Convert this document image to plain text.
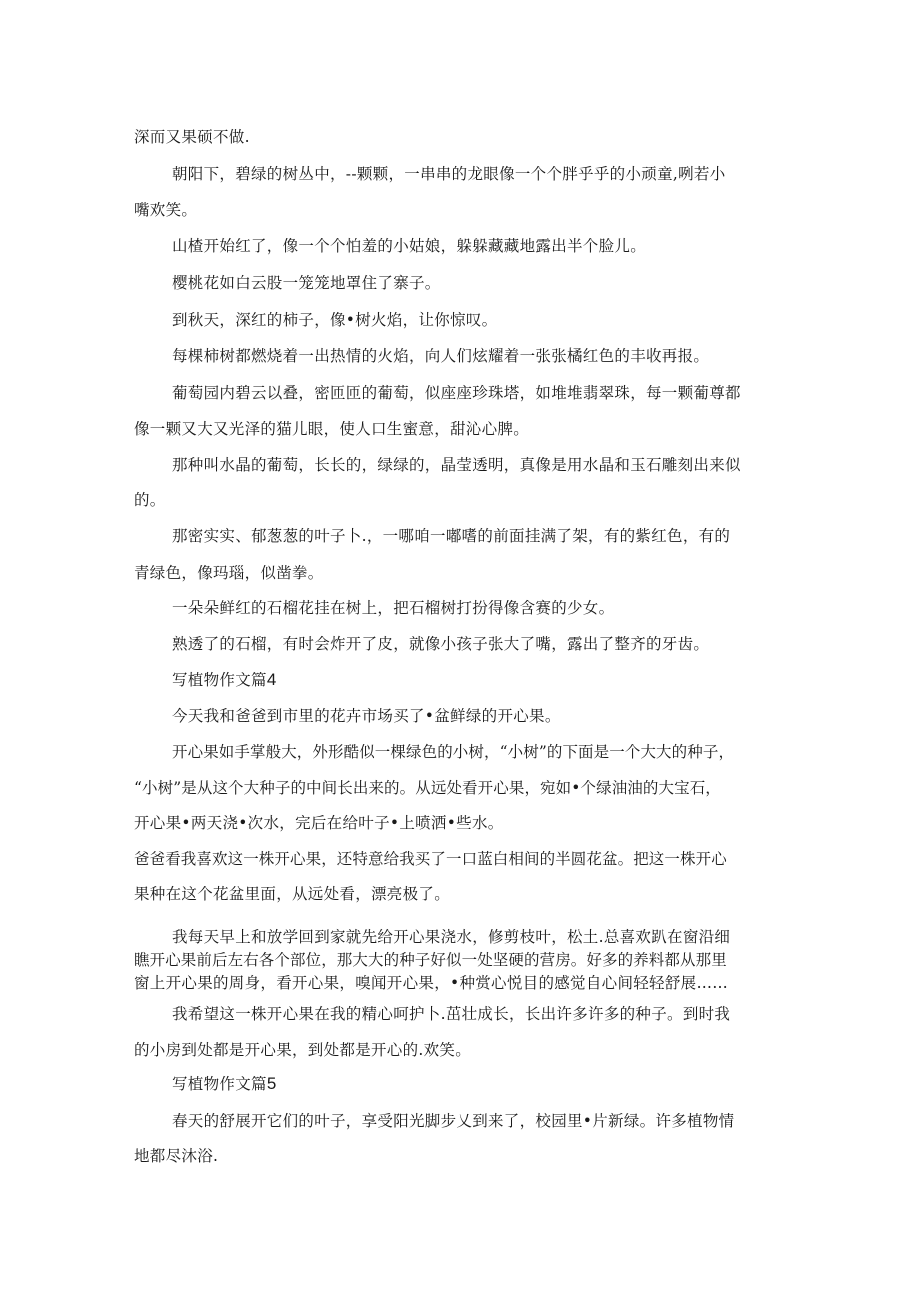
深而又果硕不做.

朝阳下，碧绿的树丛中，--颗颗，一串串的龙眼像一个个胖乎乎的小顽童,咧若小

嘴欢笑。

山楂开始红了，像一个个怕羞的小姑娘，躲躲藏藏地露出半个脸儿。

樱桃花如白云股一笼笼地罩住了寨子。

到秋天，深红的柿子，像•树火焰，让你惊叹。

每棵柿树都燃烧着一出热情的火焰，向人们炫耀着一张张橘红色的丰收再报。

葡萄园内碧云以叠，密匝匝的葡萄，似座座珍珠塔，如堆堆翡翠珠，每一颗葡尊都

像一颗又大又光泽的猫儿眼，使人口生蜜意，甜沁心脾。

那种叫水晶的葡萄，长长的，绿绿的，晶莹透明，真像是用水晶和玉石雕刻出来似

的。

那密实实、郁葱葱的叶子卜.，一哪咱一嘟嗜的前面挂满了架，有的紫红色，有的

青绿色，像玛瑙，似凿拳。

一朵朵鲜红的石榴花挂在树上，把石榴树打扮得像含赛的少女。

熟透了的石榴，有时会炸开了皮，就像小孩子张大了嘴，露出了整齐的牙齿。

写植物作文篇4

今天我和爸爸到市里的花卉市场买了•盆鲜绿的开心果。

开心果如手掌般大，外形酷似一棵绿色的小树，“小树”的下面是一个大大的种子，

“小树”是从这个大种子的中间长出来的。从远处看开心果，宛如•个绿油油的大宝石，

开心果•两天浇•次水，完后在给叶子•上喷洒•些水。

爸爸看我喜欢这一株开心果，还特意给我买了一口蓝白相间的半圆花盆。把这一株开心

果种在这个花盆里面，从远处看，漂亮极了。

我每天早上和放学回到家就先给开心果浇水，修剪枝叶，松土.总喜欢趴在窗沿细

瞧开心果前后左右各个部位，那大大的种子好似一处坚硬的营房。好多的养料都从那里

窗上开心果的周身，看开心果，嗅闻开心果，•种赏心悦目的感觉自心间轻轻舒展……

我希望这一株开心果在我的精心呵护卜.茁壮成长，长出许多许多的种子。到时我

的小房到处都是开心果，到处都是开心的.欢笑。

写植物作文篇5

春天的舒展开它们的叶子，享受阳光脚步乂到来了，校园里•片新绿。许多植物情

地都尽沐浴.
